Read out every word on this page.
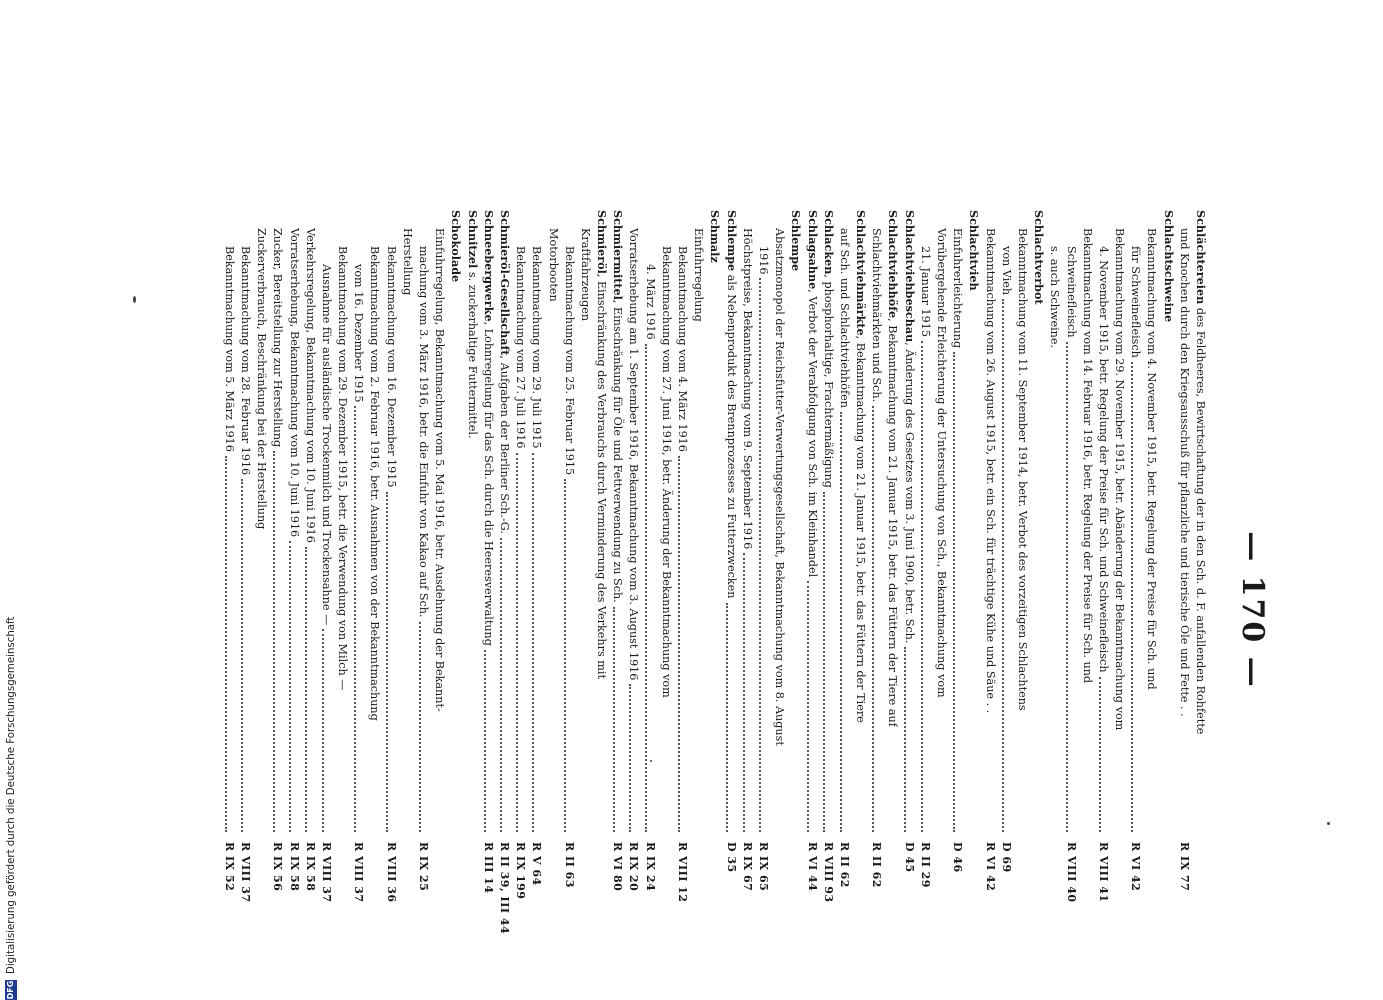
— 170 —
Schlächtereien des Feldheeres, Bewirtschaftung der in den Sch. d. F. anfallenden Rohfette
und Knochen durch den Kriegsausschuß für pflanzliche und tierische Öle und Fette . .
R IX 77
Schlachtschweine
Bekanntmachung vom 4. November 1915, betr. Regelung der Preise für Sch. und
für Schweinefleisch
R VI 42
Bekanntmachung vom 29. November 1915, betr. Abänderung der Bekanntmachung vom
4. November 1915, betr. Regelung der Preise für Sch. und Schweinefleisch
R VIII 41
Bekanntmachung vom 14. Februar 1916, betr. Regelung der Preise für Sch. und
Schweinefleisch
R VIII 40
s. auch Schweine.
Schlachtverbot
Bekanntmachung vom 11. September 1914, betr. Verbot des vorzeitigen Schlachtens
von Vieh
D 69
Bekanntmachung vom 26. August 1915, betr. ein Sch. für trächtige Kühe und Säue . .
R VI 42
Schlachtvieh
Einfuhrerleichterung
D 46
Vorübergehende Erleichterung der Untersuchung von Sch., Bekanntmachung vom
21. Januar 1915
R II 29
Schlachtviehbeschau, Änderung des Gesetzes vom 3. Juni 1900, betr. Sch.
D 45
Schlachtviehhöfe, Bekanntmachung vom 21. Januar 1915, betr. das Füttern der Tiere auf
Schlachtviehmärkten und Sch.
R II 62
Schlachtviehmärkte, Bekanntmachung vom 21. Januar 1915, betr. das Füttern der Tiere
auf Sch. und Schlachtviehhöfen
R II 62
Schlacken, phosphorhaltige, Frachtermäßigung
R VIII 93
Schlagsahne, Verbot der Verabfolgung von Sch. im Kleinhandel
R VI 44
Schlempe
Absatzmonopol der Reichsfutter-Verwertungsgesellschaft, Bekanntmachung vom 8. August
1916
R IX 65
Höchstpreise, Bekanntmachung vom 9. September 1916
R IX 67
Schlempe als Nebenprodukt des Brennprozesses zu Futterzwecken
D 35
Schmalz
Einfuhrregelung
Bekanntmachung vom 4. März 1916
R VIII 12
Bekanntmachung vom 27. Juni 1916, betr. Änderung der Bekanntmachung vom
4. März 1916
R IX 24
Vorratserhebung am 1. September 1916, Bekanntmachung vom 3. August 1916
R IX 20
Schmiermittel, Einschränkung für Öle und Fettverwendung zu Sch.
R VI 80
Schmieröl, Einschränkung des Verbrauchs durch Verminderung des Verkehrs mit
Kraftfahrzeugen
Bekanntmachung vom 25. Februar 1915
R II 63
Motorbooten
Bekanntmachung vom 29. Juli 1915
R V 64
Bekanntmachung vom 27. Juli 1916
R IX 199
Schmieröl-Gesellschaft, Aufgaben der Berliner Sch.-G.
R II 39, III 44
Schneebergwerke, Lohnregelung für das Sch. durch die Heeresverwaltung
R III 14
Schnitzel s. zuckerhaltige Futtermittel.
Schokolade
Einfuhrregelung, Bekanntmachung vom 5. Mai 1916, betr. Ausdehnung der Bekannt-
machung vom 3. März 1916, betr. die Einfuhr von Kakao auf Sch.
R IX 25
Herstellung
Bekanntmachung vom 16. Dezember 1915
R VIII 36
Bekanntmachung vom 2. Februar 1916, betr. Ausnahmen von der Bekanntmachung
vom 16. Dezember 1915
R VIII 37
Bekanntmachung vom 29. Dezember 1915, betr. die Verwendung von Milch —
Ausnahme für ausländische Trockenmilch und Trockensahne —
R VIII 37
Verkehrsregelung, Bekanntmachung vom 10. Juni 1916
R IX 58
Vorratserhebung, Bekanntmachung vom 10. Juni 1916
R IX 58
Zucker, Bereitstellung zur Herstellung
R IX 56
Zuckerverbrauch, Beschränkung bei der Herstellung
Bekanntmachung vom 28. Februar 1916
R VIII 37
Bekanntmachung vom 5. März 1916
R IX 52
DFG
Digitalisierung gefördert durch die Deutsche Forschungsgemeinschaft
